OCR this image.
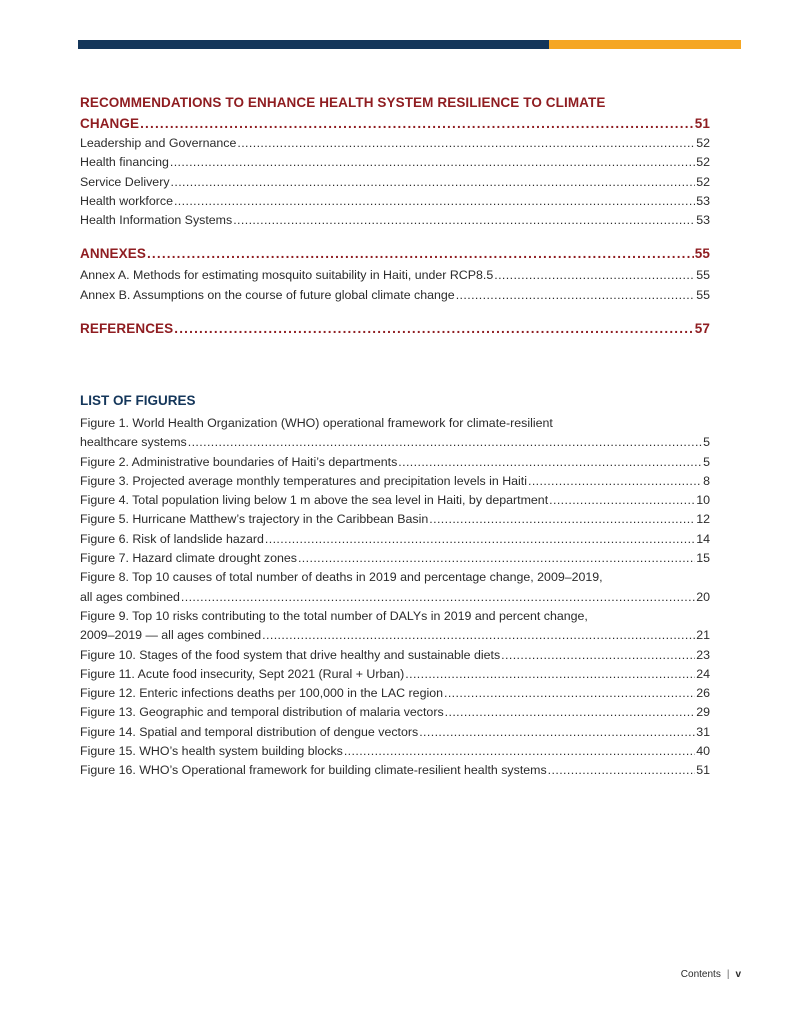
RECOMMENDATIONS TO ENHANCE HEALTH SYSTEM RESILIENCE TO CLIMATE
CHANGE .....	51
Leadership and Governance .....	52
Health financing .....	52
Service Delivery .....	52
Health workforce .....	53
Health Information Systems .....	53
ANNEXES .....	55
Annex A. Methods for estimating mosquito suitability in Haiti, under RCP8.5 .....	55
Annex B. Assumptions on the course of future global climate change .....	55
REFERENCES .....	57
LIST OF FIGURES
Figure 1. World Health Organization (WHO) operational framework for climate-resilient
healthcare systems .....	5
Figure 2. Administrative boundaries of Haiti’s departments .....	5
Figure 3. Projected average monthly temperatures and precipitation levels in Haiti .....	8
Figure 4. Total population living below 1 m above the sea level in Haiti, by department .....	10
Figure 5. Hurricane Matthew’s trajectory in the Caribbean Basin .....	12
Figure 6. Risk of landslide hazard .....	14
Figure 7. Hazard climate drought zones .....	15
Figure 8. Top 10 causes of total number of deaths in 2019 and percentage change, 2009–2019,
all ages combined .....	20
Figure 9. Top 10 risks contributing to the total number of DALYs in 2019 and percent change,
2009–2019 — all ages combined .....	21
Figure 10. Stages of the food system that drive healthy and sustainable diets .....	23
Figure 11. Acute food insecurity, Sept 2021 (Rural + Urban) .....	24
Figure 12. Enteric infections deaths per 100,000 in the LAC region .....	26
Figure 13. Geographic and temporal distribution of malaria vectors .....	29
Figure 14. Spatial and temporal distribution of dengue vectors .....	31
Figure 15. WHO’s health system building blocks .....	40
Figure 16. WHO’s Operational framework for building climate-resilient health systems .....	51
Contents | v
